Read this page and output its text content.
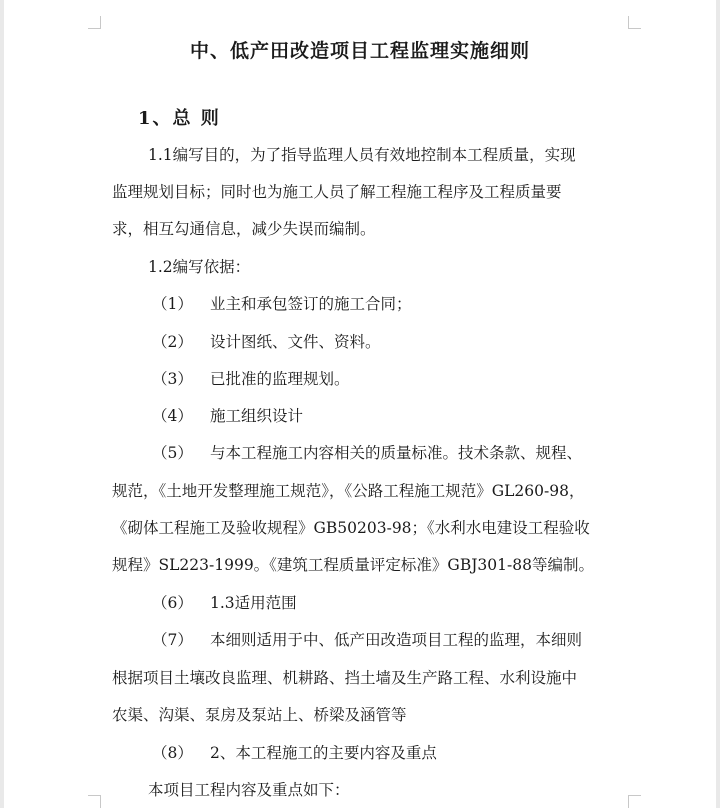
中、低产田改造项目工程监理实施细则
1、总 则
1.1编写目的，为了指导监理人员有效地控制本工程质量，实现
监理规划目标；同时也为施工人员了解工程施工程序及工程质量要
求，相互勾通信息，减少失误而编制。
1.2编写依据：
（1） 业主和承包签订的施工合同；
（2） 设计图纸、文件、资料。
（3） 已批准的监理规划。
（4） 施工组织设计
（5） 与本工程施工内容相关的质量标准。技术条款、规程、
规范，《土地开发整理施工规范》，《公路工程施工规范》GL260-98，
《砌体工程施工及验收规程》GB50203-98；《水利水电建设工程验收
规程》SL223-1999。《建筑工程质量评定标准》GBJ301-88等编制。
（6） 1.3适用范围
（7） 本细则适用于中、低产田改造项目工程的监理，本细则
根据项目土壤改良监理、机耕路、挡土墙及生产路工程、水利设施中
农渠、沟渠、泵房及泵站上、桥梁及涵管等
（8） 2、本工程施工的主要内容及重点
本项目工程内容及重点如下：
